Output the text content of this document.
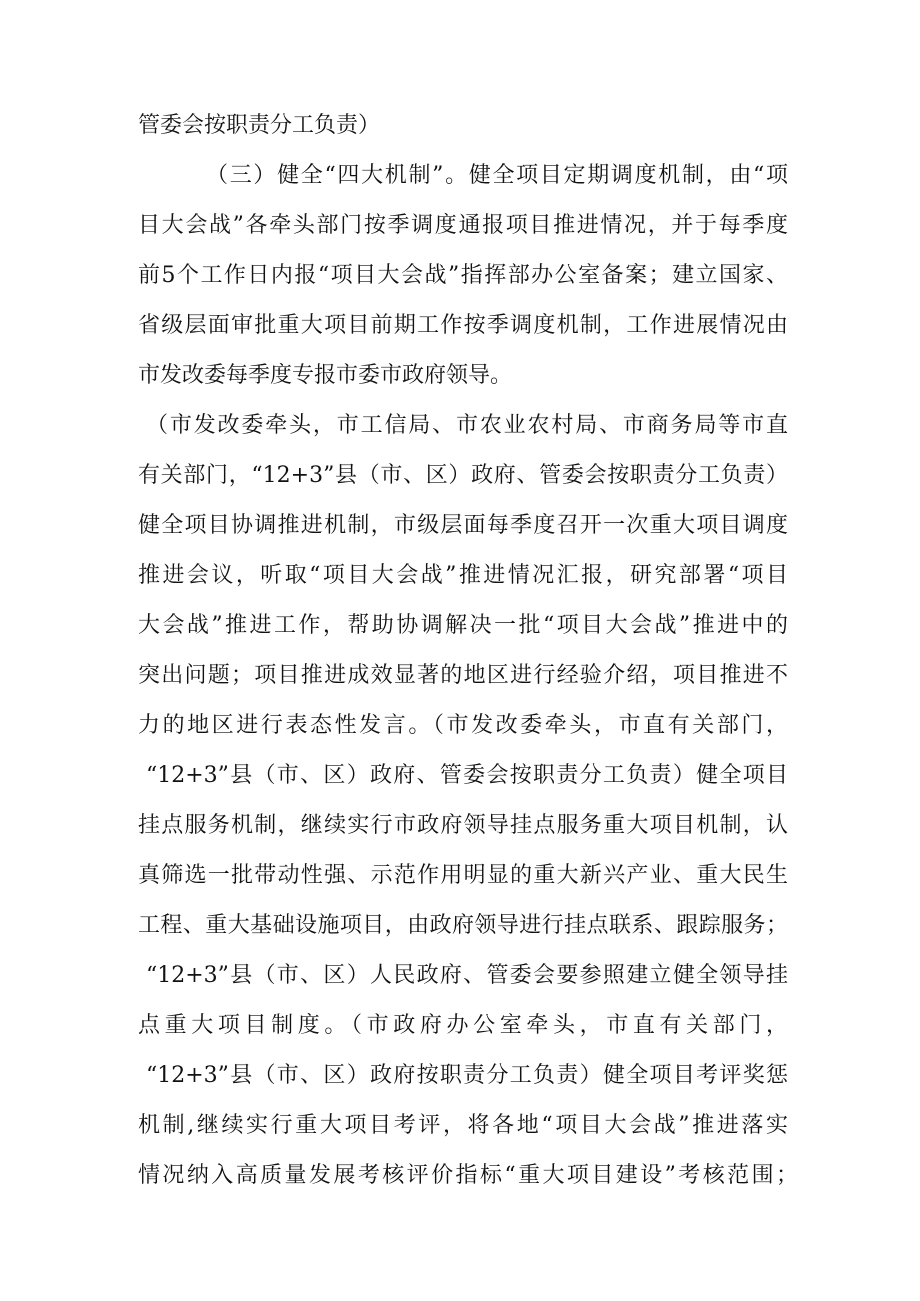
管委会按职责分工负责）
（三）健全“四大机制”。健全项目定期调度机制，由“项
目大会战”各牵头部门按季调度通报项目推进情况，并于每季度
前5个工作日内报“项目大会战”指挥部办公室备案；建立国家、
省级层面审批重大项目前期工作按季调度机制，工作进展情况由
市发改委每季度专报市委市政府领导。
（市发改委牵头，市工信局、市农业农村局、市商务局等市直
有关部门，“12+3”县（市、区）政府、管委会按职责分工负责）
健全项目协调推进机制，市级层面每季度召开一次重大项目调度
推进会议，听取“项目大会战”推进情况汇报，研究部署“项目
大会战”推进工作，帮助协调解决一批“项目大会战”推进中的
突出问题；项目推进成效显著的地区进行经验介绍，项目推进不
力的地区进行表态性发言。（市发改委牵头，市直有关部门，
“12+3”县（市、区）政府、管委会按职责分工负责）健全项目
挂点服务机制，继续实行市政府领导挂点服务重大项目机制，认
真筛选一批带动性强、示范作用明显的重大新兴产业、重大民生
工程、重大基础设施项目，由政府领导进行挂点联系、跟踪服务；
“12+3”县（市、区）人民政府、管委会要参照建立健全领导挂
点重大项目制度。（市政府办公室牵头，市直有关部门，
“12+3”县（市、区）政府按职责分工负责）健全项目考评奖惩
机制,继续实行重大项目考评，将各地“项目大会战”推进落实
情况纳入高质量发展考核评价指标“重大项目建设”考核范围；
